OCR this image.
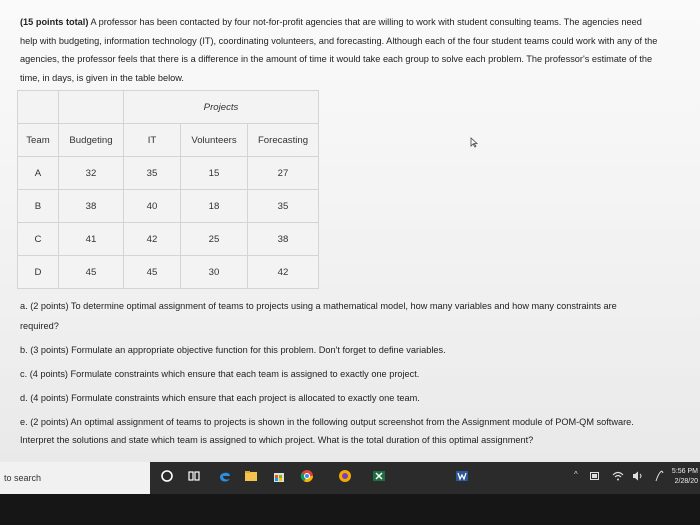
(15 points total) A professor has been contacted by four not-for-profit agencies that are willing to work with student consulting teams. The agencies need
help with budgeting, information technology (IT), coordinating volunteers, and forecasting. Although each of the four student teams could work with any of the
agencies, the professor feels that there is a difference in the amount of time it would take each group to solve each problem. The professor's estimate of the
time, in days, is given in the table below.
		Projects			
Team	Budgeting	IT	Volunteers	Forecasting	
A	32	35	15	27	
B	38	40	18	35	
C	41	42	25	38	
D	45	45	30	42	
a. (2 points) To determine optimal assignment of teams to projects using a mathematical model, how many variables and how many constraints are
required?
b. (3 points) Formulate an appropriate objective function for this problem. Don't forget to define variables.
c. (4 points) Formulate constraints which ensure that each team is assigned to exactly one project.
d. (4 points) Formulate constraints which ensure that each project is allocated to exactly one team.
e. (2 points) An optimal assignment of teams to projects is shown in the following output screenshot from the Assignment module of POM-QM software.
Interpret the solutions and state which team is assigned to which project. What is the total duration of this optimal assignment?
to search	^	5:56 PM
2/28/20
